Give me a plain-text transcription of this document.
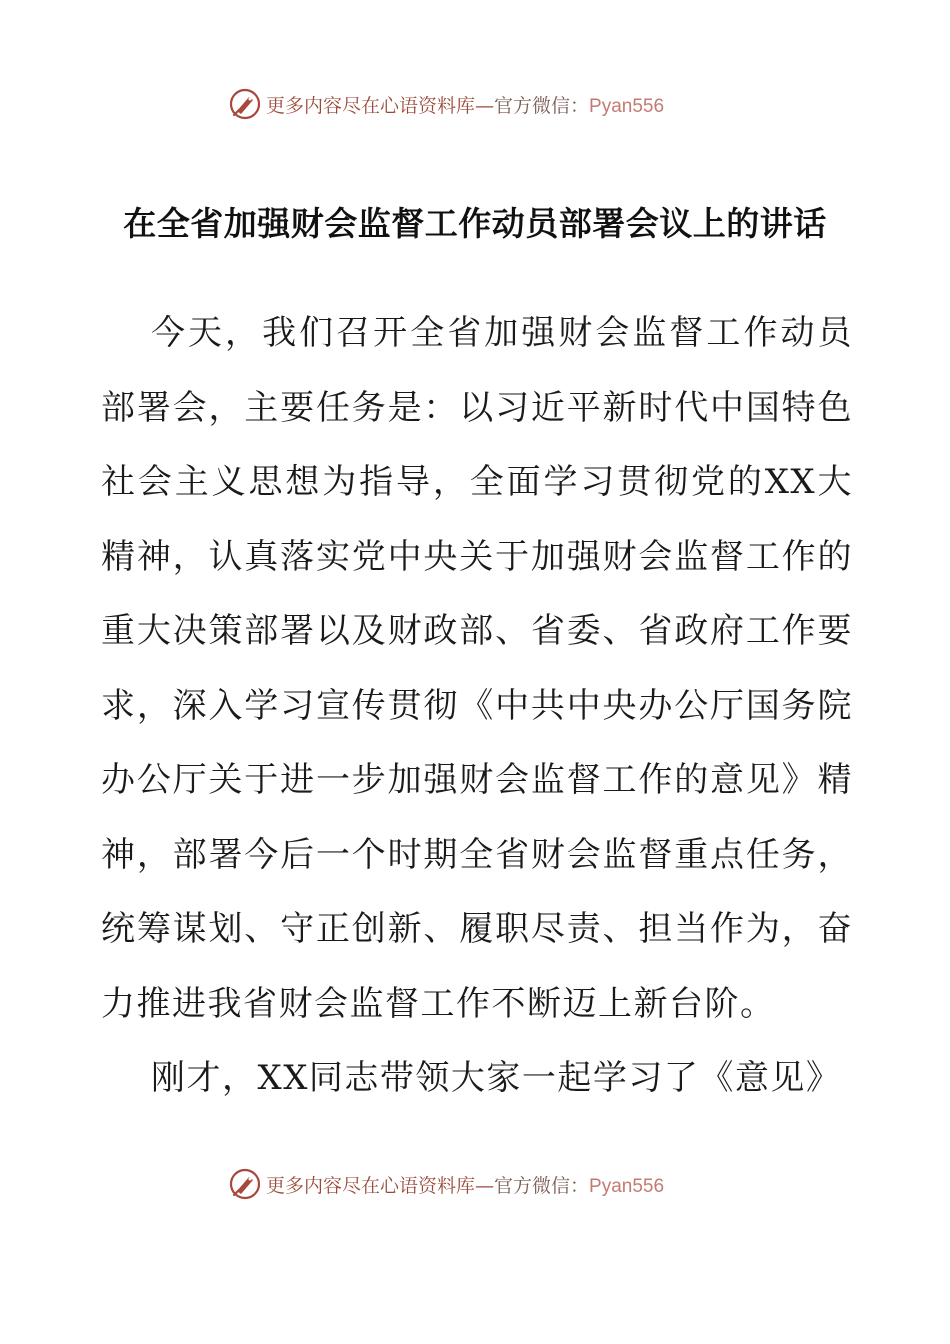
更多内容尽在心语资料库—官方微信：Pyan556
在全省加强财会监督工作动员部署会议上的讲话

今天，我们召开全省加强财会监督工作动员部署会，主要任务是：以习近平新时代中国特色社会主义思想为指导，全面学习贯彻党的XX大精神，认真落实党中央关于加强财会监督工作的重大决策部署以及财政部、省委、省政府工作要求，深入学习宣传贯彻《中共中央办公厅国务院办公厅关于进一步加强财会监督工作的意见》精神，部署今后一个时期全省财会监督重点任务，统筹谋划、守正创新、履职尽责、担当作为，奋力推进我省财会监督工作不断迈上新台阶。

刚才，XX同志带领大家一起学习了《意见》

更多内容尽在心语资料库—官方微信：Pyan556
